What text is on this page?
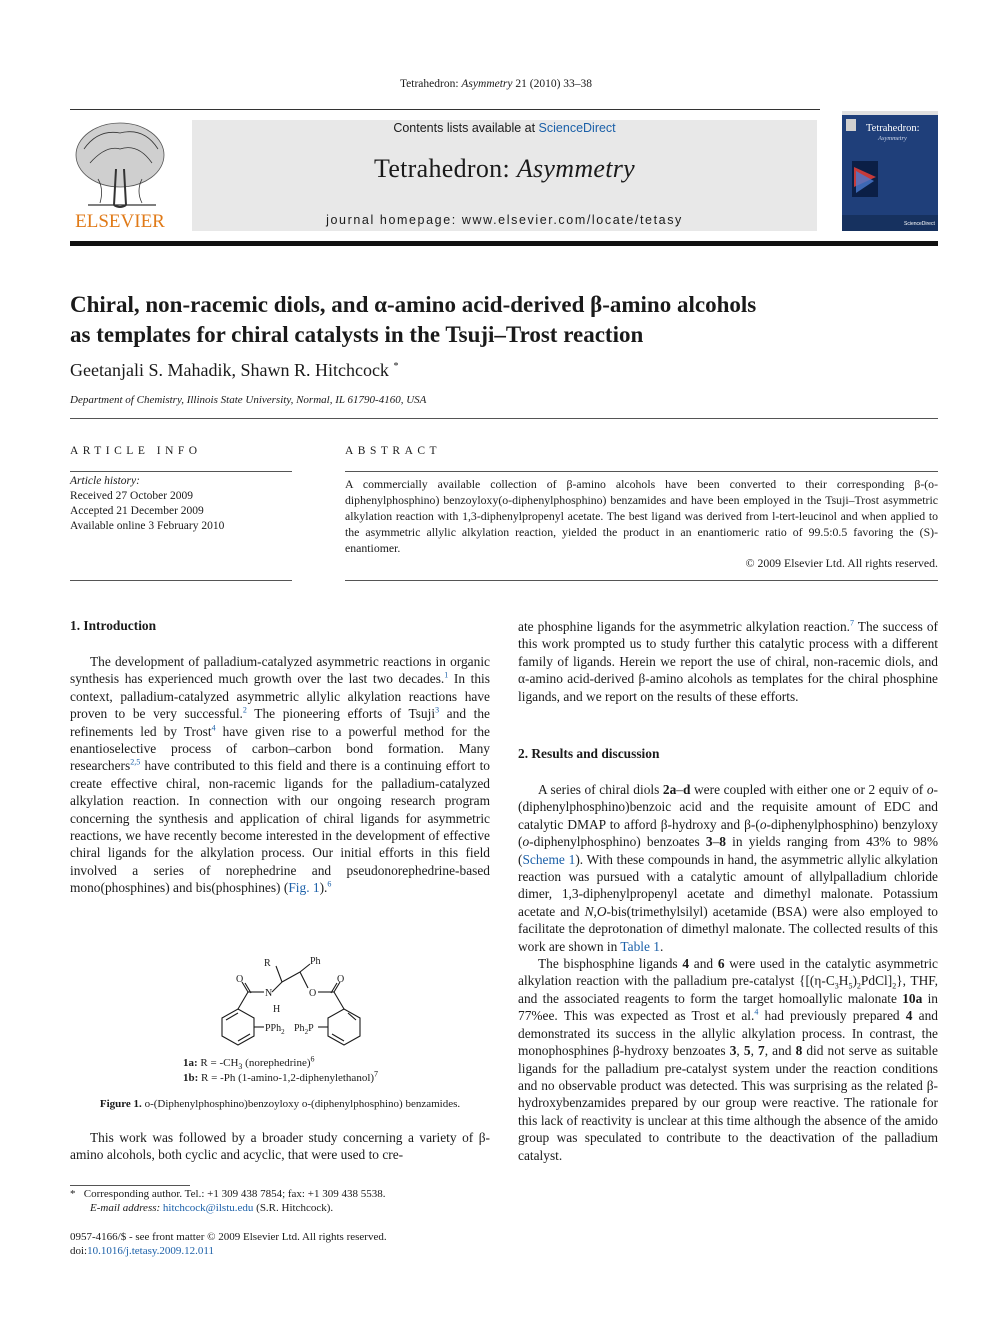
Tetrahedron: Asymmetry 21 (2010) 33–38
ELSEVIER
Contents lists available at ScienceDirect
Tetrahedron: Asymmetry
journal homepage: www.elsevier.com/locate/tetasy
Tetrahedron:
Asymmetry
ScienceDirect
Chiral, non-racemic diols, and α-amino acid-derived β-amino alcohols
as templates for chiral catalysts in the Tsuji–Trost reaction
Geetanjali S. Mahadik, Shawn R. Hitchcock *
Department of Chemistry, Illinois State University, Normal, IL 61790-4160, USA
ARTICLE INFO
Article history:
Received 27 October 2009
Accepted 21 December 2009
Available online 3 February 2010
ABSTRACT
A commercially available collection of β-amino alcohols have been converted to their corresponding β-(o-diphenylphosphino) benzoyloxy(o-diphenylphosphino) benzamides and have been employed in the Tsuji–Trost asymmetric alkylation reaction with 1,3-diphenylpropenyl acetate. The best ligand was derived from l-tert-leucinol and when applied to the asymmetric allylic alkylation reaction, yielded the product in an enantiomeric ratio of 99.5:0.5 favoring the (S)-enantiomer.
© 2009 Elsevier Ltd. All rights reserved.
1. Introduction

The development of palladium-catalyzed asymmetric reactions in organic synthesis has experienced much growth over the last two decades.$^1$ In this context, palladium-catalyzed asymmetric allylic alkylation reactions have proven to be very successful.$^2$ The pioneering efforts of Tsuji$^3$ and the refinements led by Trost$^4$ have given rise to a powerful method for the enantioselective process of carbon–carbon bond formation. Many researchers$^{2,5}$ have contributed to this field and there is a continuing effort to create effective chiral, non-racemic ligands for the palladium-catalyzed alkylation reaction. In connection with our ongoing research program concerning the synthesis and application of chiral ligands for asymmetric reactions, we have recently become interested in the development of effective chiral ligands for the alkylation process. Our initial efforts in this field involved a series of norephedrine and pseudonorephedrine-based mono(phosphines) and bis(phosphines) (Fig. 1).$^6$

R	Ph
O	O
N
H
O
PPh$_2$ $Ph_2P$
1a: $R = -CH_3$ (norephedrine)$^6$
1b: R = -Ph (1-amino-1,2-diphenylethanol)$^7$
Figure 1. o-(Diphenylphosphino)benzoyloxy o-(diphenylphosphino) benzamides.

This work was followed by a broader study concerning a variety of β-amino alcohols, both cyclic and acyclic, that were used to cre-

* Corresponding author. Tel.: +1 309 438 7854; fax: +1 309 438 5538.
E-mail address: hitchcock@ilstu.edu (S.R. Hitchcock).
0957-4166/$ - see front matter © 2009 Elsevier Ltd. All rights reserved.
doi:10.1016/j.tetasy.2009.12.011

ate phosphine ligands for the asymmetric alkylation reaction.$^7$ The success of this work prompted us to study further this catalytic process with a different family of ligands. Herein we report the use of chiral, non-racemic diols, and α-amino acid-derived β-amino alcohols as templates for the chiral phosphine ligands, and we report on the results of these efforts.

2. Results and discussion

A series of chiral diols 2a–d were coupled with either one or 2 equiv of o-(diphenylphosphino)benzoic acid and the requisite amount of EDC and catalytic DMAP to afford β-hydroxy and β-(o-diphenylphosphino) benzyloxy (o-diphenylphosphino) benzoates 3–8 in yields ranging from 43% to 98% (Scheme 1). With these compounds in hand, the asymmetric allylic alkylation reaction was pursued with a catalytic amount of allylpalladium chloride dimer, 1,3-diphenylpropenyl acetate and dimethyl malonate. Potassium acetate and N,O-bis(trimethylsilyl) acetamide (BSA) were also employed to facilitate the deprotonation of dimethyl malonate. The collected results of this work are shown in Table 1.

The bisphosphine ligands 4 and 6 were used in the catalytic asymmetric alkylation reaction with the palladium pre-catalyst $\{[(\eta-C_3H_5)_2PdCl]_2\}$, THF, and the associated reagents to form the target homoallylic malonate 10a in 77%ee. This was expected as Trost et al.$^4$ had previously prepared 4 and demonstrated its success in the allylic alkylation process. In contrast, the monophosphines β-hydroxy benzoates 3, 5, 7, and 8 did not serve as suitable ligands for the palladium pre-catalyst system under the reaction conditions and no observable product was detected. This was surprising as the related β-hydroxybenzamides prepared by our group were reactive. The rationale for this lack of reactivity is unclear at this time although the absence of the amido group was speculated to contribute to the deactivation of the palladium catalyst.
